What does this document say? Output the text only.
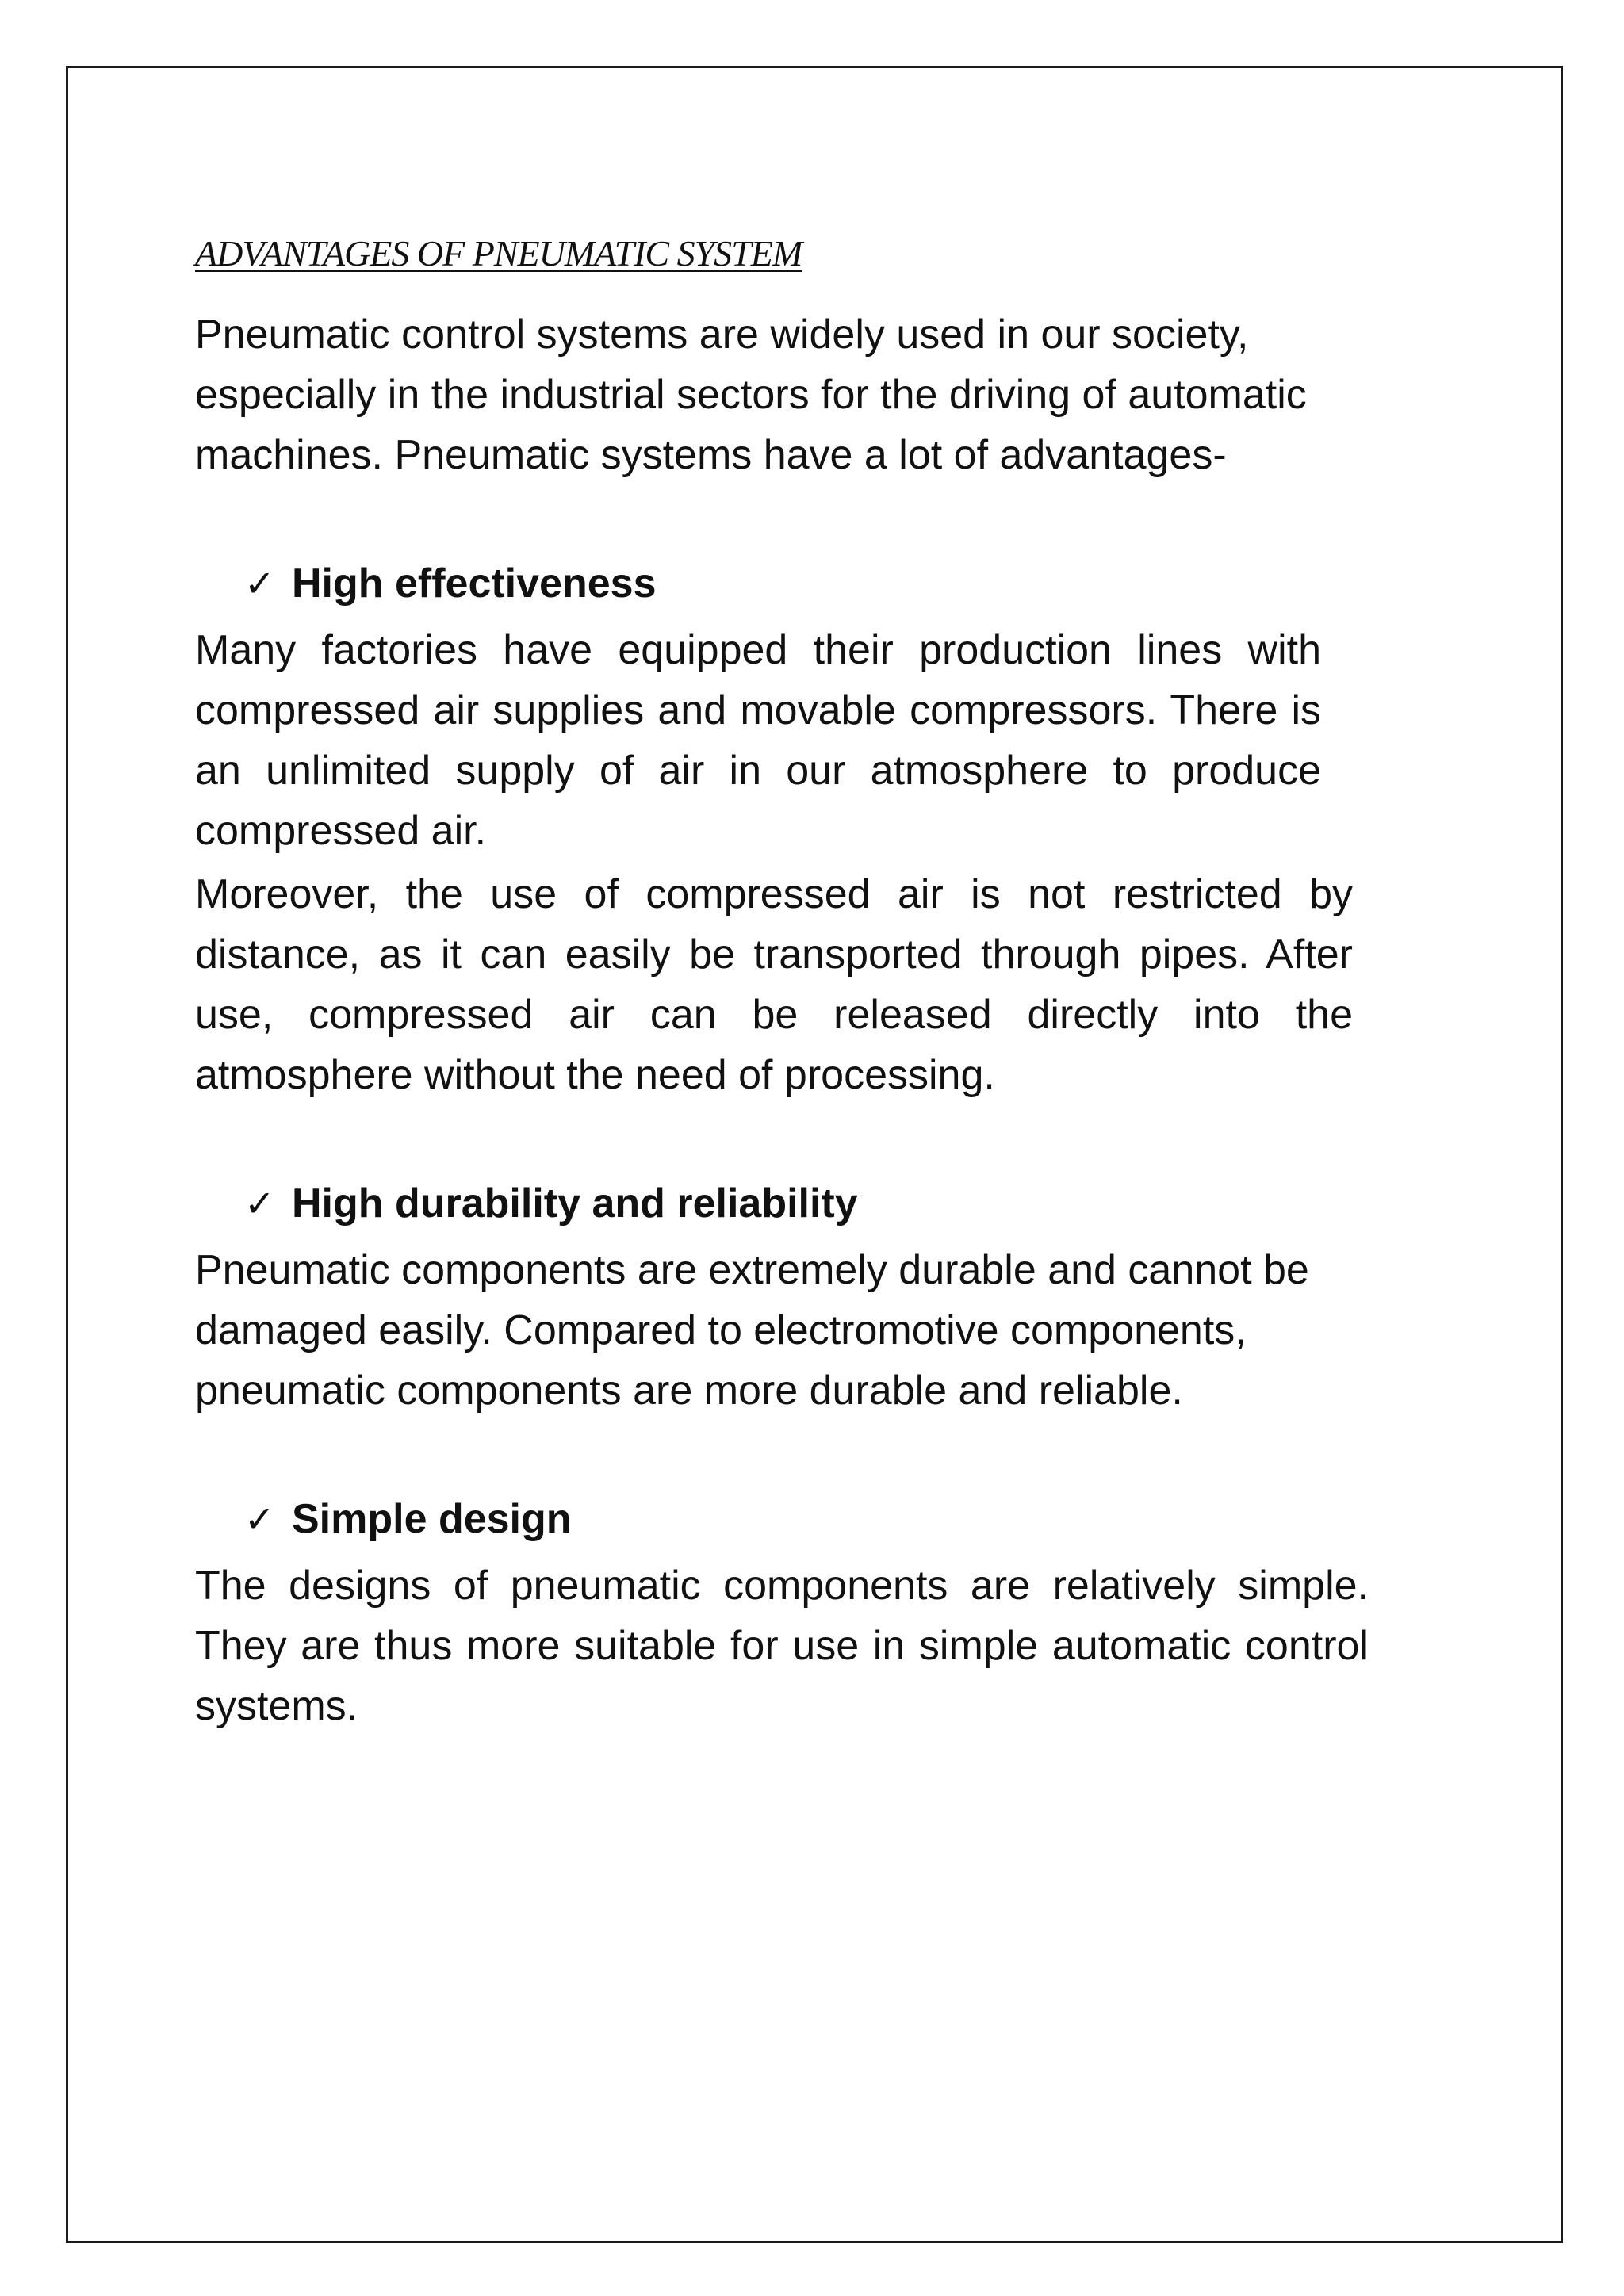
ADVANTAGES OF PNEUMATIC SYSTEM

Pneumatic control systems are widely used in our society, especially in the industrial sectors for the driving of automatic machines. Pneumatic systems have a lot of advantages-

✓ High effectiveness

Many factories have equipped their production lines with compressed air supplies and movable compressors. There is an unlimited supply of air in our atmosphere to produce compressed air.

Moreover, the use of compressed air is not restricted by distance, as it can easily be transported through pipes. After use, compressed air can be released directly into the atmosphere without the need of processing.

✓ High durability and reliability

Pneumatic components are extremely durable and cannot be damaged easily. Compared to electromotive components, pneumatic components are more durable and reliable.

✓ Simple design

The designs of pneumatic components are relatively simple. They are thus more suitable for use in simple automatic control systems.
